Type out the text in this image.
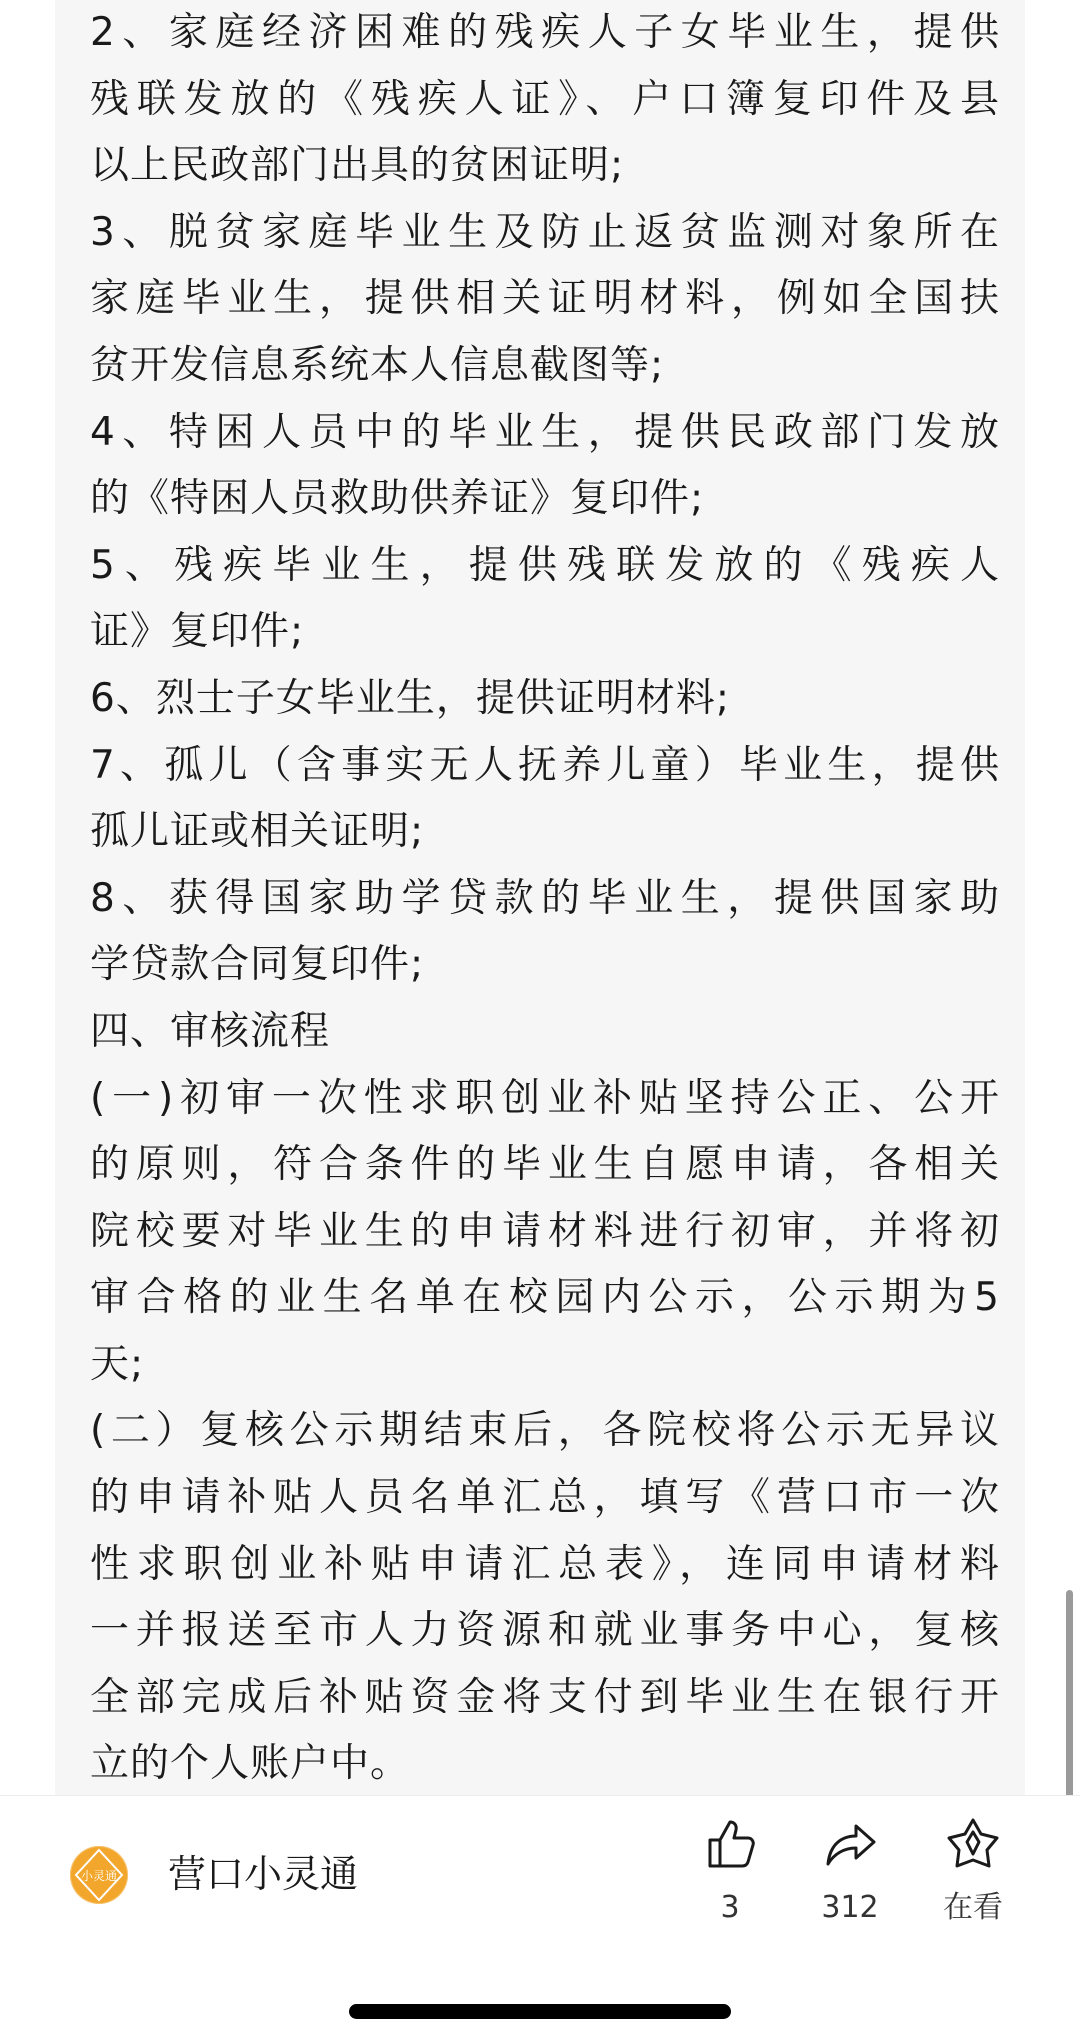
2、家庭经济困难的残疾人子女毕业生，提供
残联发放的《残疾人证》、户口簿复印件及县
以上民政部门出具的贫困证明;
3、脱贫家庭毕业生及防止返贫监测对象所在
家庭毕业生，提供相关证明材料，例如全国扶
贫开发信息系统本人信息截图等;
4、特困人员中的毕业生，提供民政部门发放
的《特困人员救助供养证》复印件;
5、残疾毕业生，提供残联发放的《残疾人
证》复印件;
6、烈士子女毕业生，提供证明材料;
7、孤儿（含事实无人抚养儿童）毕业生，提供
孤儿证或相关证明;
8、获得国家助学贷款的毕业生，提供国家助
学贷款合同复印件;
四、审核流程
(一)初审一次性求职创业补贴坚持公正、公开
的原则，符合条件的毕业生自愿申请，各相关
院校要对毕业生的申请材料进行初审，并将初
审合格的业生名单在校园内公示，公示期为5
天;
(二）复核公示期结束后，各院校将公示无异议
的申请补贴人员名单汇总，填写《营口市一次
性求职创业补贴申请汇总表》，连同申请材料
一并报送至市人力资源和就业事务中心，复核
全部完成后补贴资金将支付到毕业生在银行开
立的个人账户中。
小灵通 营口小灵通
3	312	在看
